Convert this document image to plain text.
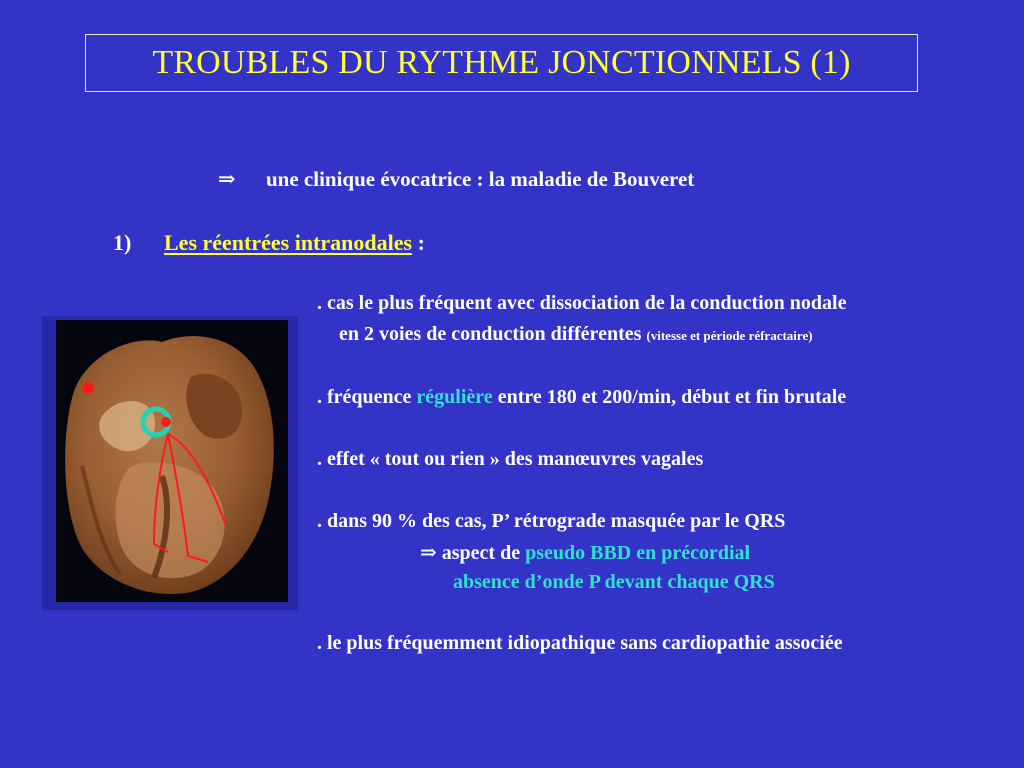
TROUBLES DU RYTHME JONCTIONNELS (1)
⇒ une clinique évocatrice : la maladie de Bouveret
1) Les réentrées intranodales :
. cas le plus fréquent avec dissociation de la conduction nodale
en 2 voies de conduction différentes (vitesse et période réfractaire)
. fréquence régulière entre 180 et 200/min, début et fin brutale
. effet « tout ou rien » des manœuvres vagales
. dans 90 % des cas, P’ rétrograde masquée par le QRS
⇒ aspect de pseudo BBD en précordial
absence d’onde P devant chaque QRS
. le plus fréquemment idiopathique sans cardiopathie associée
